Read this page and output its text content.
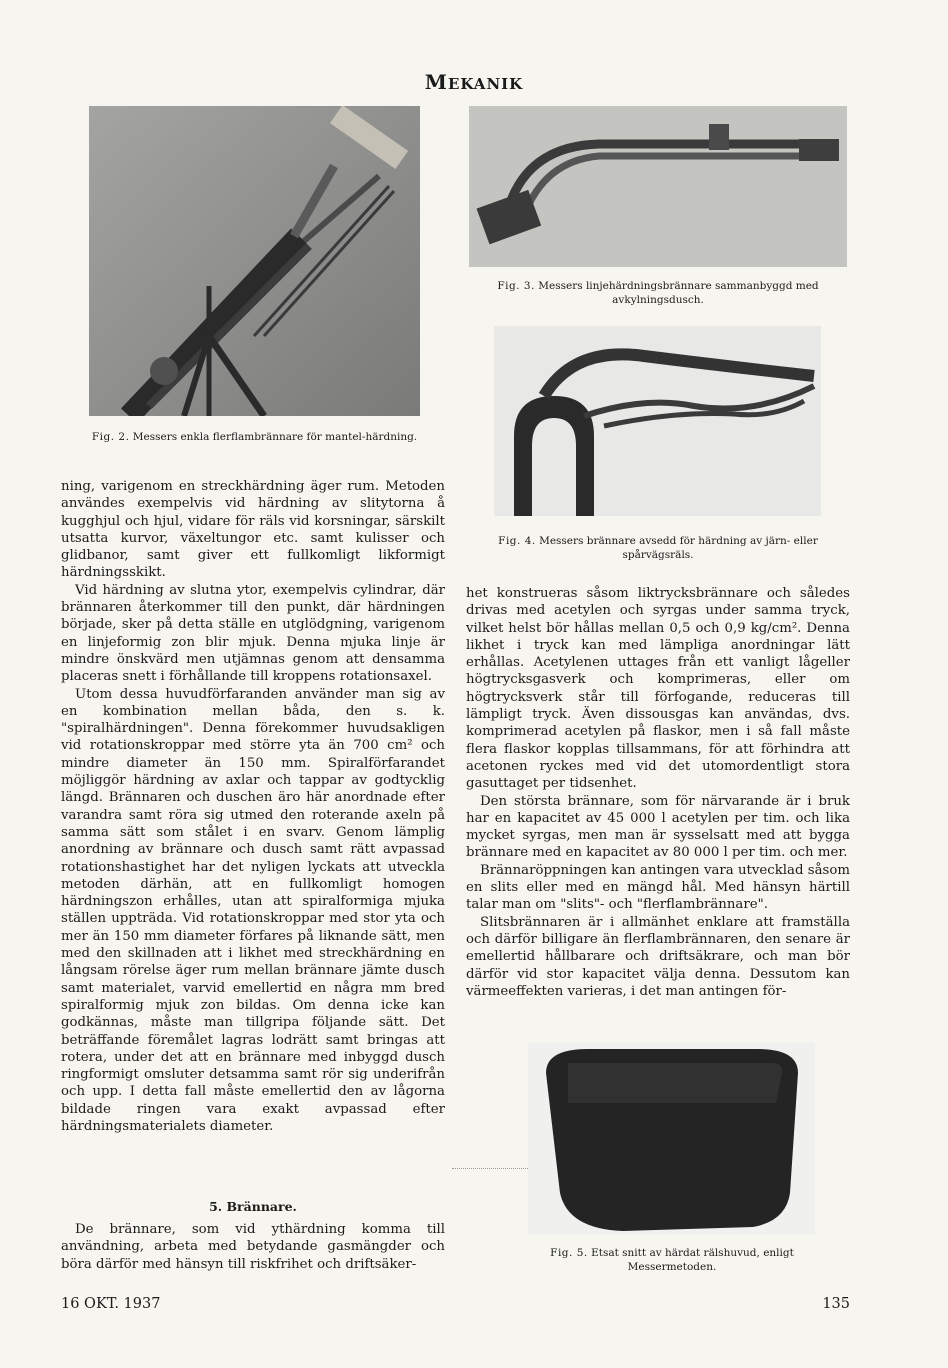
MEKANIK
Fig. 2. Messers enkla flerflambrännare för mantel-härdning.
Fig. 3. Messers linjehärdningsbrännare sammanbyggd med avkylningsdusch.
Fig. 4. Messers brännare avsedd för härdning av järn- eller spårvägsräls.

ning, varigenom en streckhärdning äger rum. Metoden användes exempelvis vid härdning av slitytorna å kugghjul och hjul, vidare för räls vid korsningar, särskilt utsatta kurvor, växeltungor etc. samt kulisser och glidbanor, samt giver ett fullkomligt likformigt härdningsskikt.

Vid härdning av slutna ytor, exempelvis cylindrar, där brännaren återkommer till den punkt, där härdningen började, sker på detta ställe en utglödgning, varigenom en linjeformig zon blir mjuk. Denna mjuka linje är mindre önskvärd men utjämnas genom att densamma placeras snett i förhållande till kroppens rotationsaxel.

Utom dessa huvudförfaranden använder man sig av en kombination mellan båda, den s. k. "spiralhärdningen". Denna förekommer huvudsakligen vid rotationskroppar med större yta än 700 cm² och mindre diameter än 150 mm. Spiralförfarandet möjliggör härdning av axlar och tappar av godtycklig längd. Brännaren och duschen äro här anordnade efter varandra samt röra sig utmed den roterande axeln på samma sätt som stålet i en svarv. Genom lämplig anordning av brännare och dusch samt rätt avpassad rotationshastighet har det nyligen lyckats att utveckla metoden därhän, att en fullkomligt homogen härdningszon erhålles, utan att spiralformiga mjuka ställen uppträda. Vid rotationskroppar med stor yta och mer än 150 mm diameter förfares på liknande sätt, men med den skillnaden att i likhet med streckhärdning en långsam rörelse äger rum mellan brännare jämte dusch samt materialet, varvid emellertid en några mm bred spiralformig mjuk zon bildas. Om denna icke kan godkännas, måste man tillgripa följande sätt. Det beträffande föremålet lagras lodrätt samt bringas att rotera, under det att en brännare med inbyggd dusch ringformigt omsluter detsamma samt rör sig underifrån och upp. I detta fall måste emellertid den av lågorna bildade ringen vara exakt avpassad efter härdningsmaterialets diameter.

5. Brännare.

De brännare, som vid ythärdning komma till användning, arbeta med betydande gasmängder och böra därför med hänsyn till riskfrihet och driftsäker-

het konstrueras såsom liktrycksbrännare och således drivas med acetylen och syrgas under samma tryck, vilket helst bör hållas mellan 0,5 och 0,9 kg/cm². Denna likhet i tryck kan med lämpliga anordningar lätt erhållas. Acetylenen uttages från ett vanligt lågeller högtrycksgasverk och komprimeras, eller om högtrycksverk står till förfogande, reduceras till lämpligt tryck. Även dissousgas kan användas, dvs. komprimerad acetylen på flaskor, men i så fall måste flera flaskor kopplas tillsammans, för att förhindra att acetonen ryckes med vid det utomordentligt stora gasuttaget per tidsenhet.

Den största brännare, som för närvarande är i bruk har en kapacitet av 45 000 l acetylen per tim. och lika mycket syrgas, men man är sysselsatt med att bygga brännare med en kapacitet av 80 000 l per tim. och mer.

Brännaröppningen kan antingen vara utvecklad såsom en slits eller med en mängd hål. Med hänsyn härtill talar man om "slits"- och "flerflambrännare".

Slitsbrännaren är i allmänhet enklare att framställa och därför billigare än flerflambrännaren, den senare är emellertid hållbarare och driftsäkrare, och man bör därför vid stor kapacitet välja denna. Dessutom kan värmeeffekten varieras, i det man antingen för-

Fig. 5. Etsat snitt av härdat rälshuvud, enligt Messermetoden.
16 OKT. 1937	135
